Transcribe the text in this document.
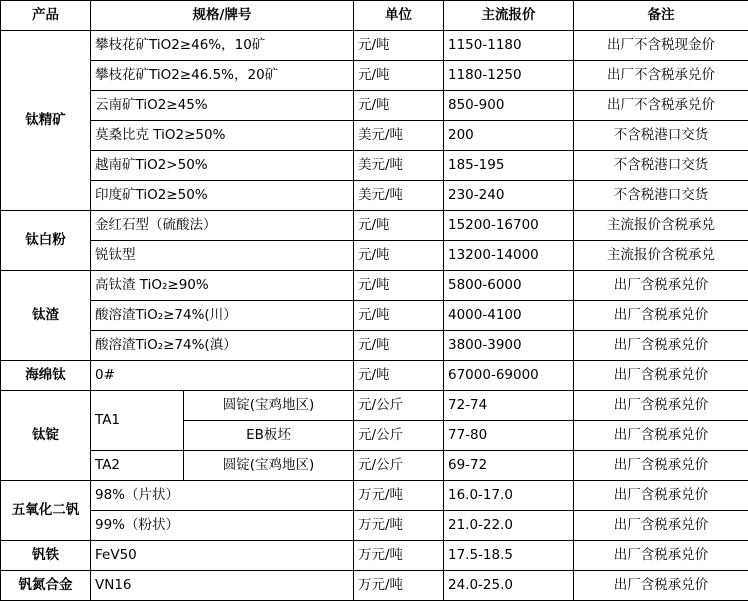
产品	规格/牌号		单位	主流报价	备注
钛精矿	攀枝花矿TiO2≥46%，10矿		元/吨	1150-1180	出厂不含税现金价
	攀枝花矿TiO2≥46.5%，20矿		元/吨	1180-1250	出厂不含税承兑价
	云南矿TiO2≥45%		元/吨	850-900	出厂不含税承兑价
	莫桑比克 TiO2≥50%		美元/吨	200	不含税港口交货
	越南矿TiO2>50%		美元/吨	185-195	不含税港口交货
	印度矿TiO2≥50%		美元/吨	230-240	不含税港口交货
钛白粉	金红石型（硫酸法）		元/吨	15200-16700	主流报价含税承兑
	锐钛型		元/吨	13200-14000	主流报价含税承兑
钛渣	高钛渣 TiO₂≥90%		元/吨	5800-6000	出厂含税承兑价
	酸溶渣TiO₂≥74%(川）		元/吨	4000-4100	出厂含税承兑价
	酸溶渣TiO₂≥74%(滇）		元/吨	3800-3900	出厂含税承兑价
海绵钛	0#		元/吨	67000-69000	出厂含税承兑价
钛锭	TA1	圆锭(宝鸡地区)	元/公斤	72-74	出厂含税承兑价
		EB板坯	元/公斤	77-80	出厂含税承兑价
	TA2	圆锭(宝鸡地区)	元/公斤	69-72	出厂含税承兑价
五氧化二钒	98%（片状）		万元/吨	16.0-17.0	出厂含税承兑价
	99%（粉状）		万元/吨	21.0-22.0	出厂含税承兑价
钒铁	FeV50		万元/吨	17.5-18.5	出厂含税承兑价
钒氮合金	VN16		万元/吨	24.0-25.0	出厂含税承兑价
